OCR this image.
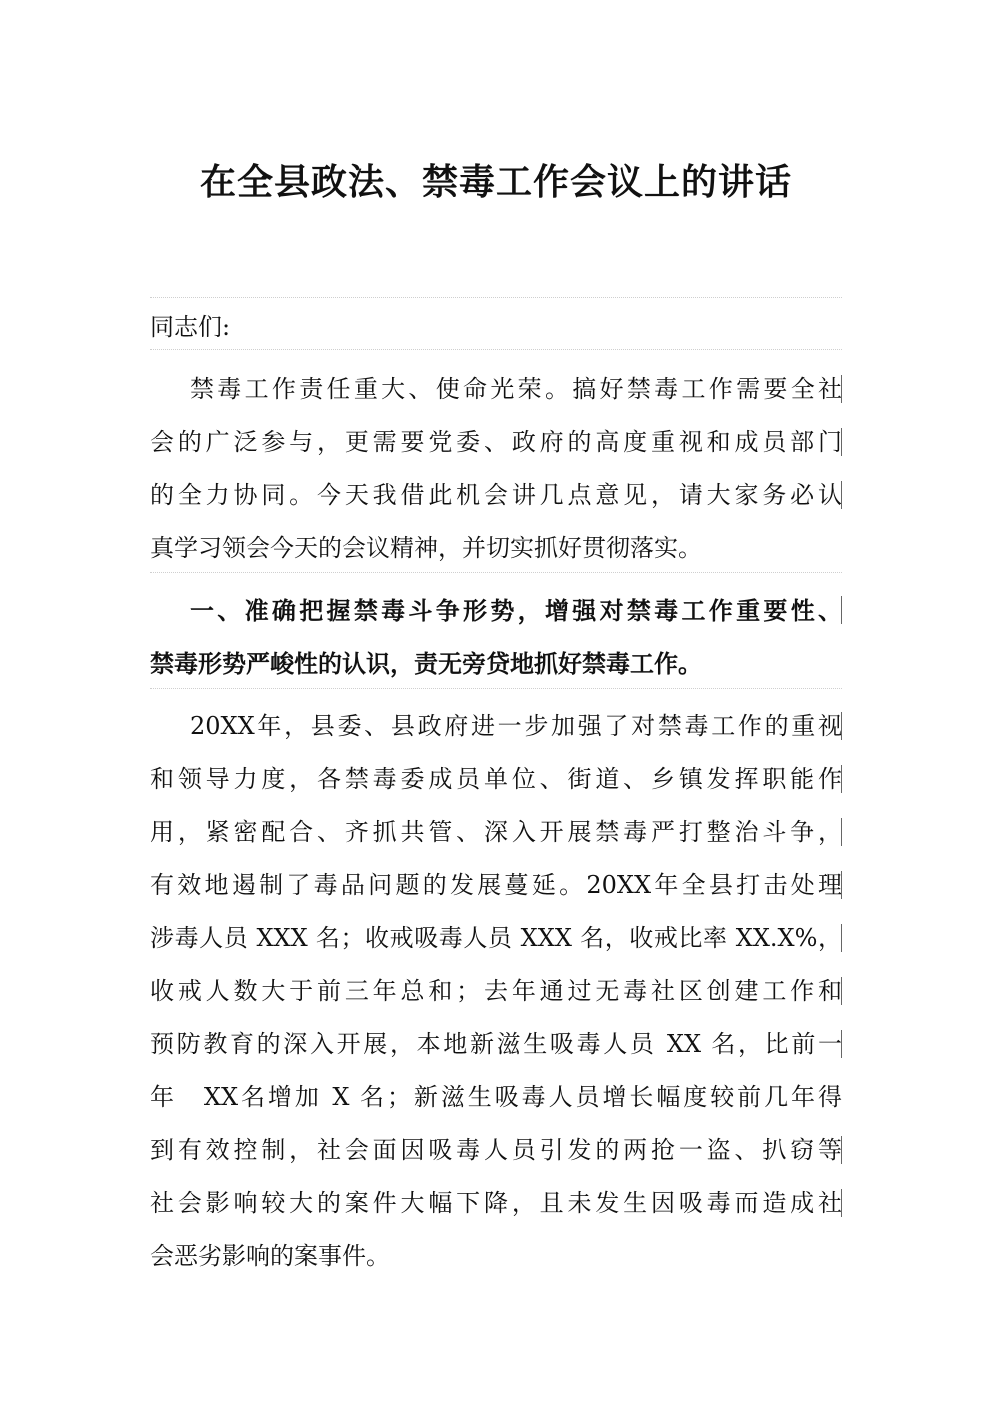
在全县政法、禁毒工作会议上的讲话
同志们:
禁毒工作责任重大、使命光荣。搞好禁毒工作需要全社
会的广泛参与，更需要党委、政府的高度重视和成员部门
的全力协同。今天我借此机会讲几点意见，请大家务必认
真学习领会今天的会议精神，并切实抓好贯彻落实。
一、准确把握禁毒斗争形势，增强对禁毒工作重要性、
禁毒形势严峻性的认识，责无旁贷地抓好禁毒工作。
20XX年，县委、县政府进一步加强了对禁毒工作的重视
和领导力度，各禁毒委成员单位、街道、乡镇发挥职能作
用，紧密配合、齐抓共管、深入开展禁毒严打整治斗争，
有效地遏制了毒品问题的发展蔓延。20XX年全县打击处理
涉毒人员 XXX 名；收戒吸毒人员 XXX 名，收戒比率 XX.X%，
收戒人数大于前三年总和；去年通过无毒社区创建工作和
预防教育的深入开展，本地新滋生吸毒人员 XX 名，比前一
年　XX名增加 X 名；新滋生吸毒人员增长幅度较前几年得
到有效控制，社会面因吸毒人员引发的两抢一盗、扒窃等
社会影响较大的案件大幅下降，且未发生因吸毒而造成社
会恶劣影响的案事件。
